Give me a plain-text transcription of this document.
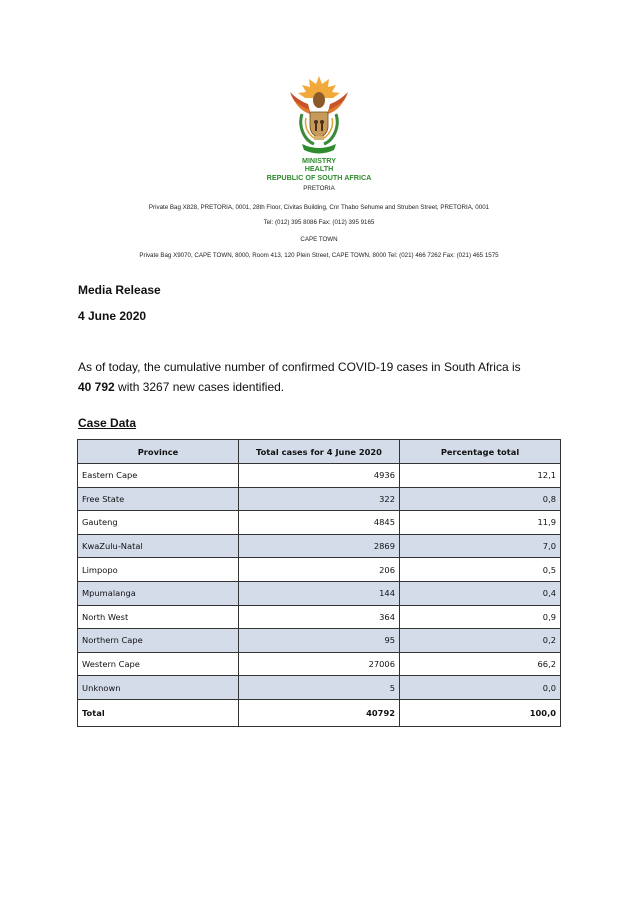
MINISTRY
HEALTH
REPUBLIC OF SOUTH AFRICA
PRETORIA
Private Bag X828, PRETORIA, 0001, 28th Floor, Civitas Building, Cnr Thabo Sehume and Struben Street, PRETORIA, 0001
Tel: (012) 395 8086 Fax: (012) 395 9165
CAPE TOWN
Private Bag X9070, CAPE TOWN, 8000, Room 413, 120 Plein Street, CAPE TOWN, 8000 Tel: (021) 466 7262 Fax: (021) 465 1575
Media Release
4 June 2020
As of today, the cumulative number of confirmed COVID-19 cases in South Africa is
40 792 with 3267 new cases identified.
Case Data
Province	Total cases for 4 June 2020	Percentage total
Eastern Cape	4936	12,1
Free State	322	0,8
Gauteng	4845	11,9
KwaZulu-Natal	2869	7,0
Limpopo	206	0,5
Mpumalanga	144	0,4
North West	364	0,9
Northern Cape	95	0,2
Western Cape	27006	66,2
Unknown	5	0,0
Total	40792	100,0
